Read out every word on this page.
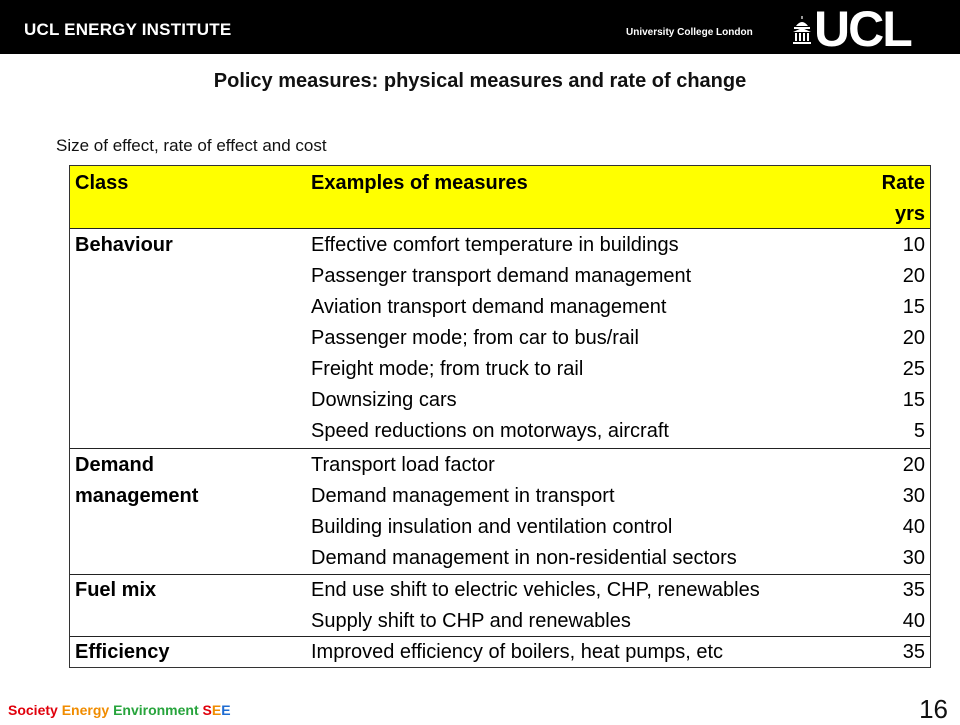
UCL ENERGY INSTITUTE	University College London UCL
Policy measures: physical measures and rate of change
Size of effect, rate of effect and cost
Class	Examples of measures	Rate
yrs
Behaviour	Effective comfort temperature in buildings	10
Passenger transport demand management	20
Aviation transport demand management	15
Passenger mode; from car to bus/rail	20
Freight mode; from truck to rail	25
Downsizing cars	15
Speed reductions on motorways, aircraft	5
Demand
management
Transport load factor	20
Demand management in transport	30
Building insulation and ventilation control	40
Demand management in non-residential sectors	30
Fuel mix	End use shift to electric vehicles, CHP, renewables	35
Supply shift to CHP and renewables	40
Efficiency	Improved efficiency of boilers, heat pumps, etc	35
Society Energy Environment SEE	16
